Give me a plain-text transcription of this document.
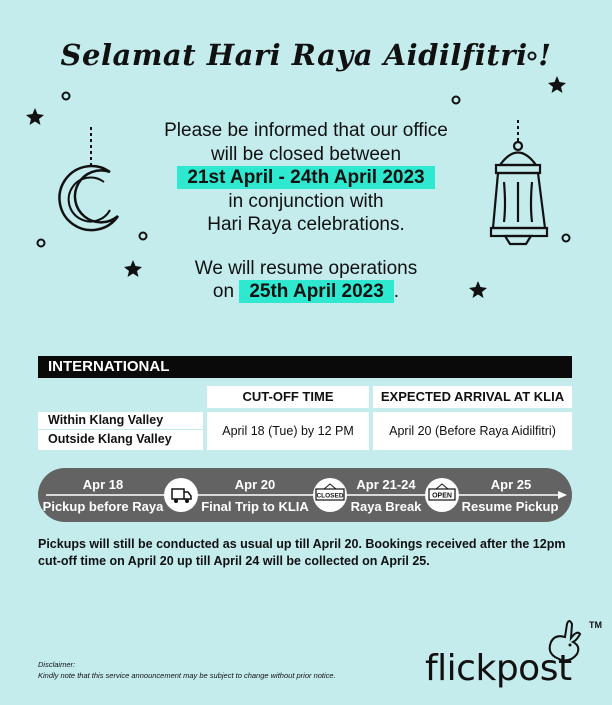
Selamat Hari Raya Aidilfitri !
Please be informed that our office
will be closed between
21st April - 24th April 2023
in conjunction with
Hari Raya celebrations.
We will resume operations
on 25th April 2023 .
INTERNATIONAL
CUT-OFF TIME	EXPECTED ARRIVAL AT KLIA
Within Klang Valley
Outside Klang Valley
April 18 (Tue) by 12 PM	April 20 (Before Raya Aidilfitri)
Apr 18
Pickup before Raya
Apr 20
Final Trip to KLIA
CLOSED
Apr 21-24
Raya Break
OPEN
Apr 25
Resume Pickup
Pickups will still be conducted as usual up till April 20. Bookings received after the 12pm cut-off time on April 20 up till April 24 will be collected on April 25.
Disclaimer:
Kindly note that this service announcement may be subject to change without prior notice. flickpost
TM
